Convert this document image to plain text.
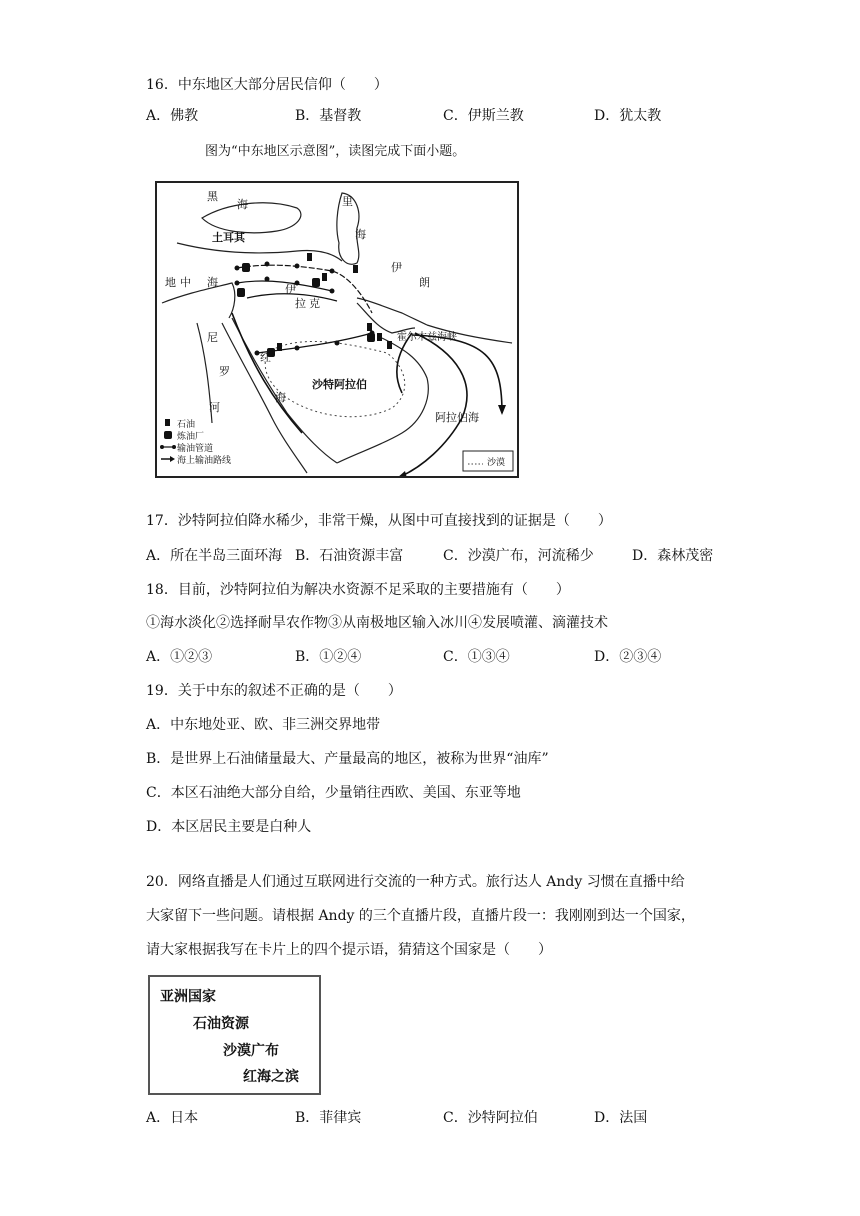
16．中东地区大部分居民信仰（　　）
A．佛教	B．基督教	C．伊斯兰教	D．犹太教
图为“中东地区示意图”，读图完成下面小题。
黑
海	里
海
土耳其
地 中 海
伊
拉 克
伊
朗
霍尔木兹海峡
尼
罗
河
红
海
沙特阿拉伯
阿拉伯海
石油
炼油厂
输油管道
海上输油路线	沙漠
17．沙特阿拉伯降水稀少，非常干燥，从图中可直接找到的证据是（　　）
A．所在半岛三面环海 B．石油资源丰富	C．沙漠广布，河流稀少	D．森林茂密
18．目前，沙特阿拉伯为解决水资源不足采取的主要措施有（　　）
①海水淡化②选择耐旱农作物③从南极地区输入冰川④发展喷灌、滴灌技术
A．①②③	B．①②④	C．①③④	D．②③④
19．关于中东的叙述不正确的是（　　）
A．中东地处亚、欧、非三洲交界地带
B．是世界上石油储量最大、产量最高的地区，被称为世界“油库”
C．本区石油绝大部分自给，少量销往西欧、美国、东亚等地
D．本区居民主要是白种人
20．网络直播是人们通过互联网进行交流的一种方式。旅行达人 Andy 习惯在直播中给
大家留下一些问题。请根据 Andy 的三个直播片段，直播片段一：我刚刚到达一个国家，
请大家根据我写在卡片上的四个提示语，猜猜这个国家是（　　）
亚洲国家
石油资源
沙漠广布
红海之滨
A．日本	B．菲律宾	C．沙特阿拉伯	D．法国
